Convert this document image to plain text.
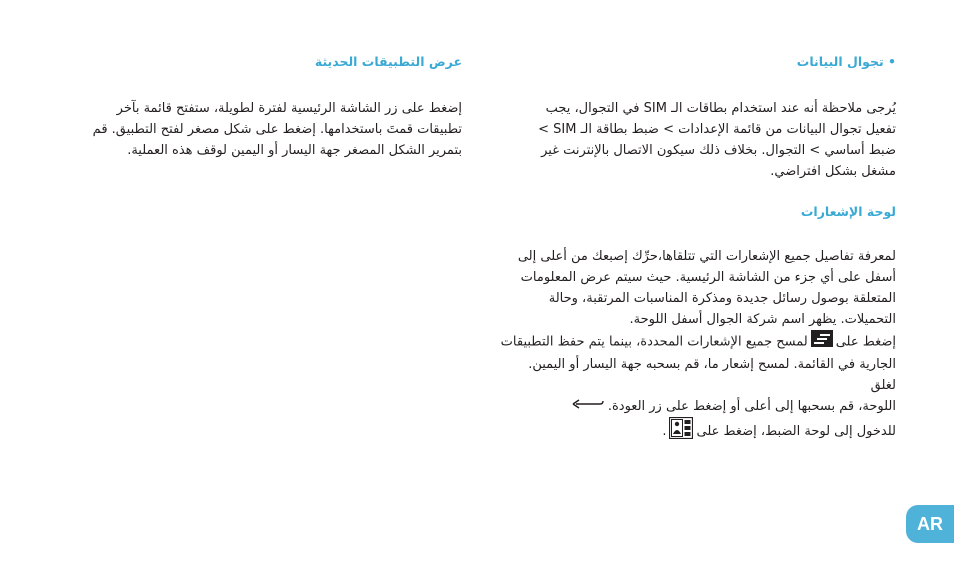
• تجوال البيانات

يُرجى ملاحظة أنه عند استخدام بطاقات الـ SIM في التجوال، يجب

تفعيل تجوال البيانات من قائمة الإعدادات > ضبط بطاقة الـ SIM >

ضبط أساسي > التجوال. بخلاف ذلك سيكون الاتصال بالإنترنت غير

مشغل بشكل افتراضي.

لوحة الإشعارات

لمعرفة تفاصيل جميع الإشعارات التي تتلقاها،حرِّك إصبعك من أعلى إلى

أسفل على أي جزء من الشاشة الرئيسية. حيث سيتم عرض المعلومات

المتعلقة بوصول رسائل جديدة ومذكرة المناسبات المرتقبة، وحالة

التحميلات. يظهر اسم شركة الجوال أسفل اللوحة.

إضغط علىلمسح جميع الإشعارات المحددة، بينما يتم حفظ التطبيقات

الجارية في القائمة. لمسح إشعار ما، قم بسحبه جهة اليسار أو اليمين. لغلق

اللوحة، قم بسحبها إلى أعلى أو إضغط على زر العودة.

للدخول إلى لوحة الضبط، إضغط على.

عرض التطبيقات الحديثة

إضغط على زر الشاشة الرئيسية لفترة لطويلة، ستفتح قائمة بآخر

تطبيقات قمتَ باستخدامها. إضغط على شكل مصغر لفتح التطبيق. قم

بتمرير الشكل المصغر جهة اليسار أو اليمين لوقف هذه العملية.

AR
